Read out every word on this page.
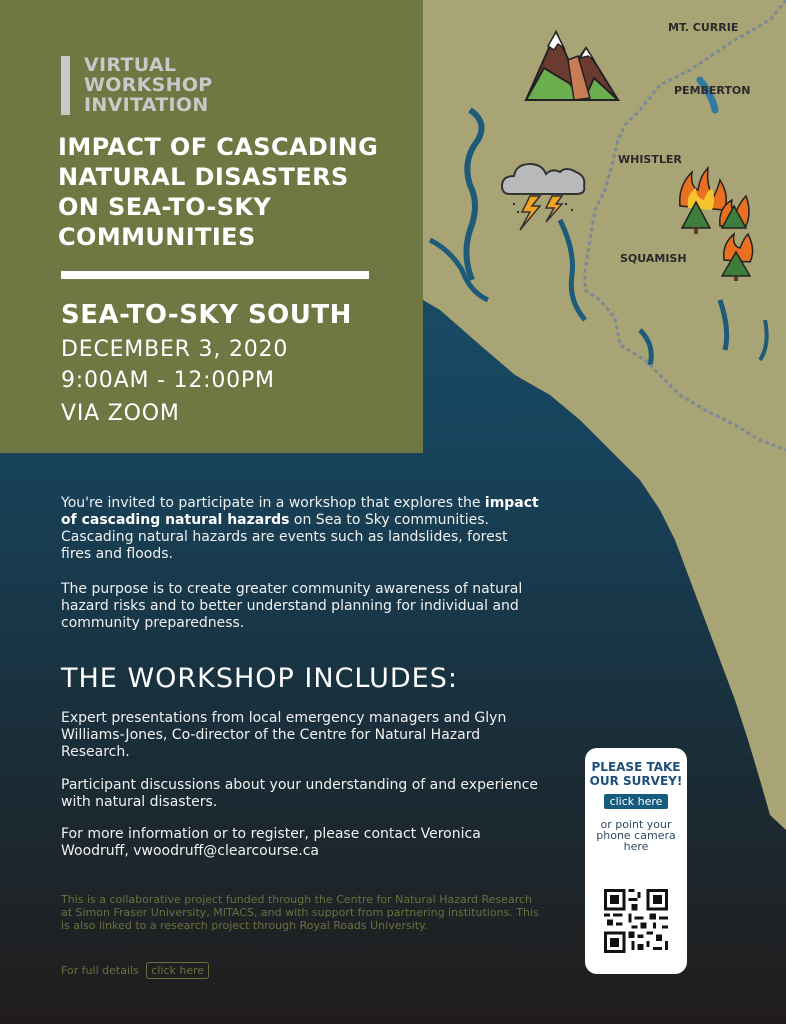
MT. CURRIE
PEMBERTON
WHISTLER
SQUAMISH
VIRTUAL
WORKSHOP
INVITATION
IMPACT OF CASCADING
NATURAL DISASTERS
ON SEA-TO-SKY
COMMUNITIES
SEA-TO-SKY SOUTH
DECEMBER 3, 2020
9:00AM - 12:00PM
VIA ZOOM
You're invited to participate in a workshop that explores the impact of cascading natural hazards on Sea to Sky communities. Cascading natural hazards are events such as landslides, forest fires and floods.
The purpose is to create greater community awareness of natural hazard risks and to better understand planning for individual and community preparedness.
THE WORKSHOP INCLUDES:
Expert presentations from local emergency managers and Glyn Williams-Jones, Co-director of the Centre for Natural Hazard Research.
Participant discussions about your understanding of and experience with natural disasters.
For more information or to register, please contact Veronica Woodruff, vwoodruff@clearcourse.ca
This is a collaborative project funded through the Centre for Natural Hazard Research at Simon Fraser University, MITACS, and with support from partnering institutions. This is also linked to a research project through Royal Roads University.
For full details click here
PLEASE TAKE OUR SURVEY!
click here
or point your phone camera here
